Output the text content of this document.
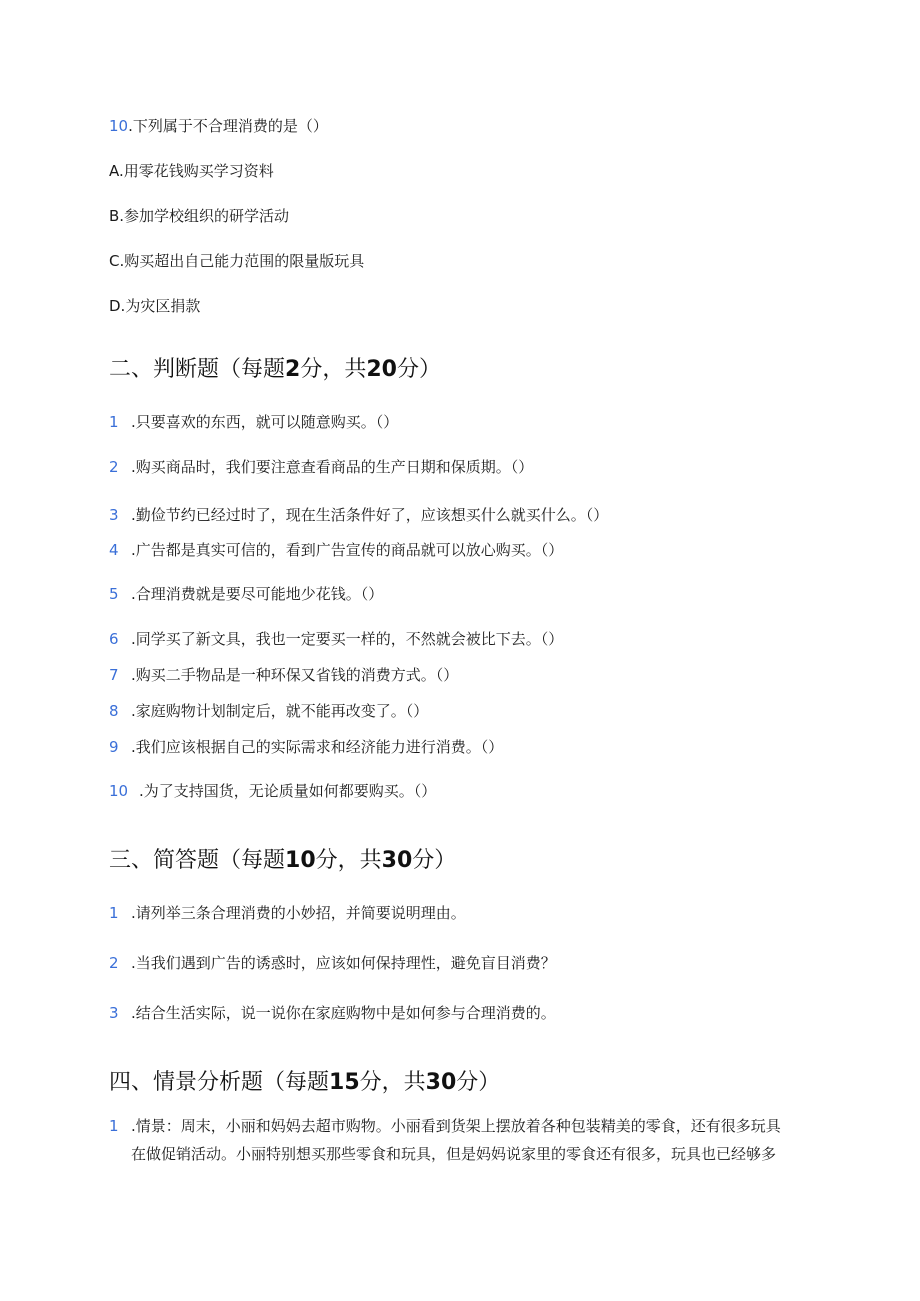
10.下列属于不合理消费的是（）
A.用零花钱购买学习资料
B.参加学校组织的研学活动
C.购买超出自己能力范围的限量版玩具
D.为灾区捐款
二、判断题（每题2分，共20分）
1 .只要喜欢的东西，就可以随意购买。（）
2 .购买商品时，我们要注意查看商品的生产日期和保质期。（）
3 .勤俭节约已经过时了，现在生活条件好了，应该想买什么就买什么。（）
4 .广告都是真实可信的，看到广告宣传的商品就可以放心购买。（）
5 .合理消费就是要尽可能地少花钱。（）
6 .同学买了新文具，我也一定要买一样的，不然就会被比下去。（）
7 .购买二手物品是一种环保又省钱的消费方式。（）
8 .家庭购物计划制定后，就不能再改变了。（）
9 .我们应该根据自己的实际需求和经济能力进行消费。（）
10 .为了支持国货，无论质量如何都要购买。（）
三、简答题（每题10分，共30分）
1 .请列举三条合理消费的小妙招，并简要说明理由。
2 .当我们遇到广告的诱惑时，应该如何保持理性，避免盲目消费？
3 .结合生活实际，说一说你在家庭购物中是如何参与合理消费的。
四、情景分析题（每题15分，共30分）
1 .情景：周末，小丽和妈妈去超市购物。小丽看到货架上摆放着各种包装精美的零食，还有很多玩具
在做促销活动。小丽特别想买那些零食和玩具，但是妈妈说家里的零食还有很多，玩具也已经够多
